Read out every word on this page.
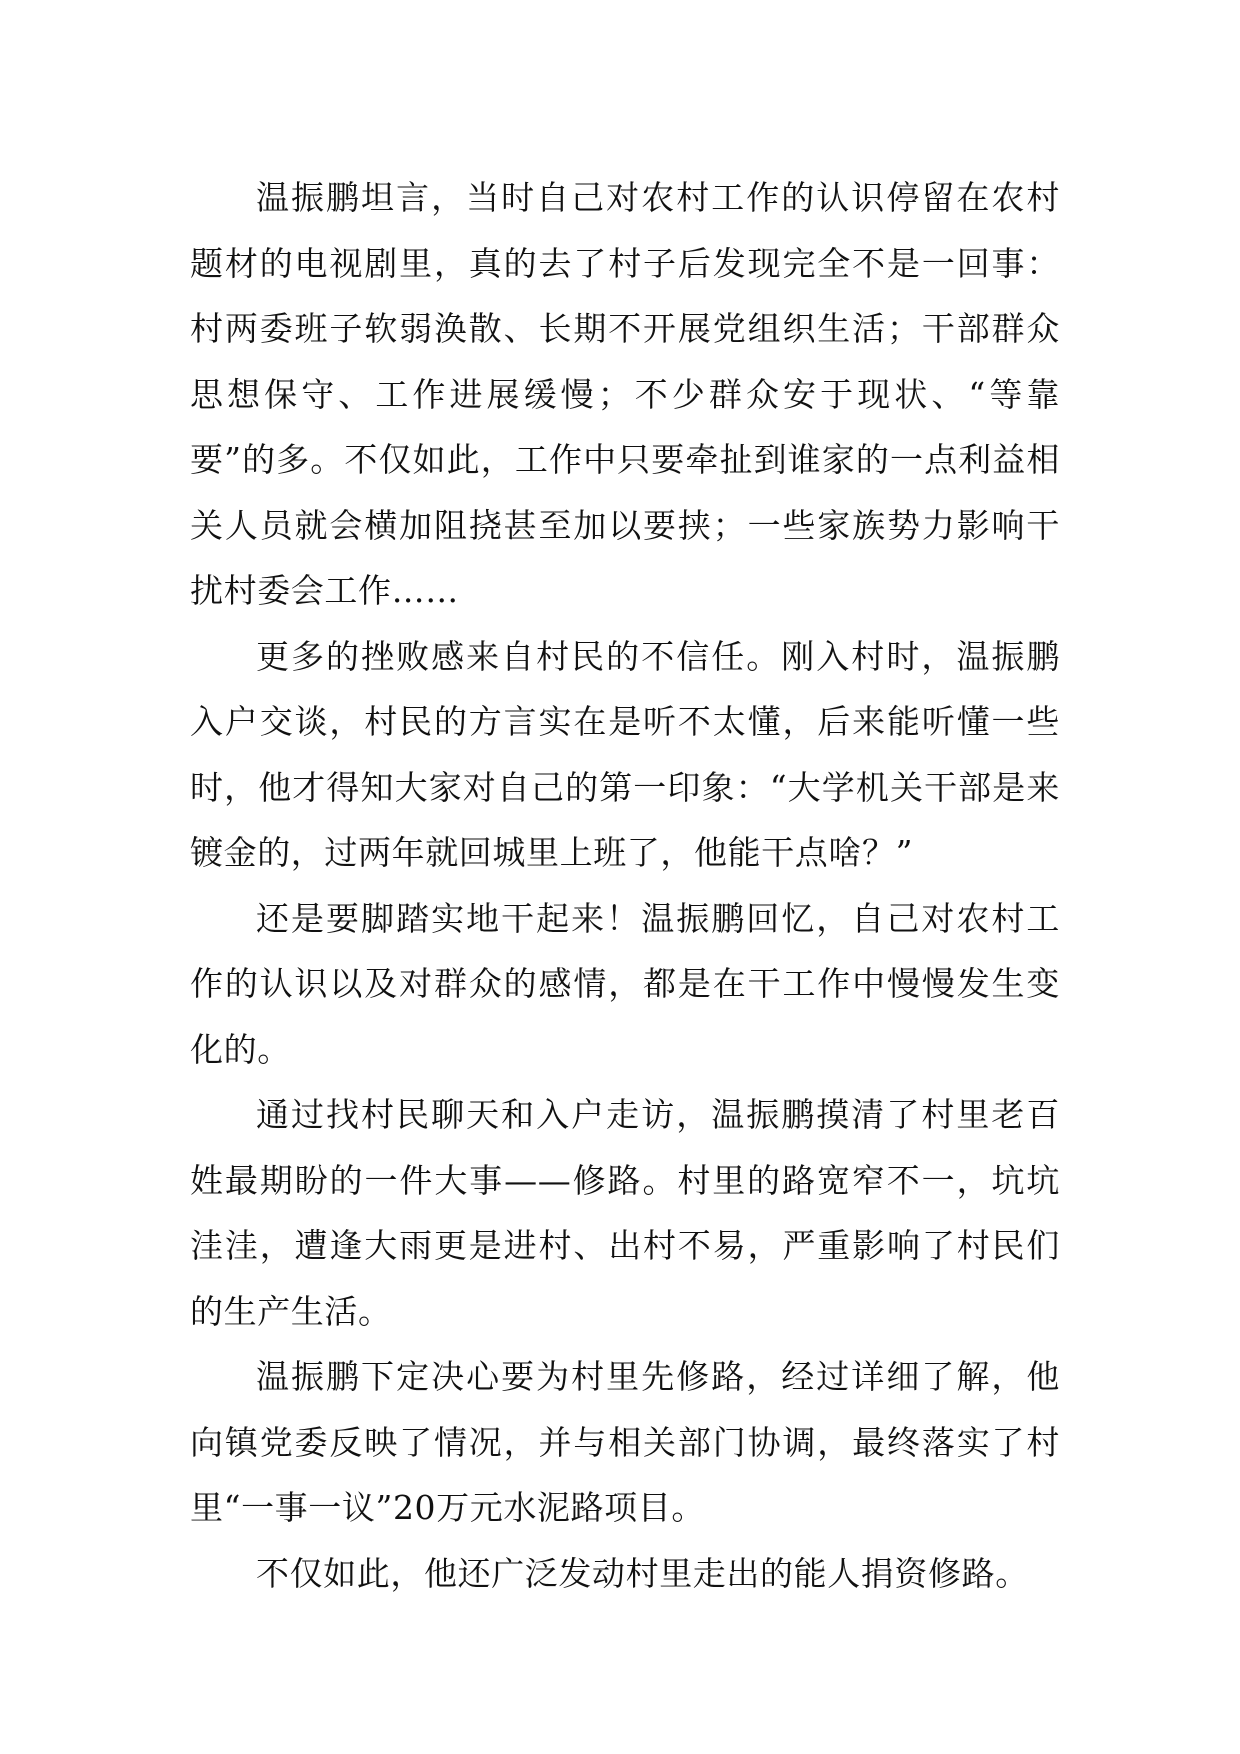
温振鹏坦言，当时自己对农村工作的认识停留在农村题材的电视剧里，真的去了村子后发现完全不是一回事：村两委班子软弱涣散、长期不开展党组织生活；干部群众思想保守、工作进展缓慢；不少群众安于现状、“等靠要”的多。不仅如此，工作中只要牵扯到谁家的一点利益相关人员就会横加阻挠甚至加以要挟；一些家族势力影响干扰村委会工作……

更多的挫败感来自村民的不信任。刚入村时，温振鹏入户交谈，村民的方言实在是听不太懂，后来能听懂一些时，他才得知大家对自己的第一印象：“大学机关干部是来镀金的，过两年就回城里上班了，他能干点啥？”

还是要脚踏实地干起来！温振鹏回忆，自己对农村工作的认识以及对群众的感情，都是在干工作中慢慢发生变化的。

通过找村民聊天和入户走访，温振鹏摸清了村里老百姓最期盼的一件大事——修路。村里的路宽窄不一，坑坑洼洼，遭逢大雨更是进村、出村不易，严重影响了村民们的生产生活。

温振鹏下定决心要为村里先修路，经过详细了解，他向镇党委反映了情况，并与相关部门协调，最终落实了村里“一事一议”20万元水泥路项目。

不仅如此，他还广泛发动村里走出的能人捐资修路。
